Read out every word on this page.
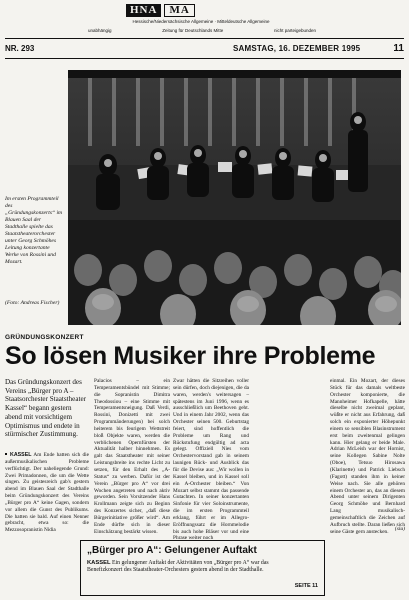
HNA	MA
Hessische/Niedersächsische Allgemeine · Mitteldeutsche Allgemeine
unabhängig	Zeitung für Deutschlands Mitte	nicht parteigebunden
NR. 293	SAMSTAG, 16. DEZEMBER 1995	11
Im ersten Programmteil des „Gründungskonzerts“ im Blauen Saal der Stadthalle spielte das Staatstheaterorchester unter Georg Schmöhes Leitung konzertante Werke von Rossini und Mozart.
(Foto: Andreas Fischer)
GRÜNDUNGSKONZERT
So lösen Musiker ihre Probleme
Das Gründungskonzert des Vereins „Bürger pro A – Staatsorchester Staatstheater Kassel“ begann gestern abend mit vorsichtigem Optimismus und endete in stürmischer Zustimmung.
KASSEL Am Ende hatten sich die außermusikalischen Probleme verflüchtigt. Der naheliegende Grund: Zwei Primadonnen, die um die Wette singen. Zu geistesreich gab's gestern abend im Blauen Saal der Stadthalle beim Gründungskonzert des Vereins „Bürger pro A“ keine Gagen, sondern vor allem die Gunst des Publikums. Die hatten sie bald. Auf einen Nenner gebracht, etwa so: die Mezzosopranistin Nidia

Palacios – ein Temperamentsbündel mit Stimme; die Sopranistin Dimitra Theodossiou – eine Stimme mit Temperamentsneigung. Daß Verdi, Rossini, Donizetti mit zwei Programmänderungen) bei solch heiterem bis feurigem Wettstreit bloß Objekte waren, werden die verblichenen Opernfürsten der Aktualität halber hinnehmen. Es galt das Staatstheater mit seiner Leistungsbreite ins rechte Licht zu setzen, für den Erhalt des „A-Status“ zu werben. Dafür ist der Verein „Bürger pro A“ vor drei Wochen angetreten und nach aktiv geworden. Sein Vorsitzender Hans Krollmann zeigte sich zu Beginn des Konzertes sicher, „daß diese Bürgerinitiative größer wird“. Am Ende dürfte sich in dieser Einschätzung bestärkt wissen.

Zwar hätten die Sitzreihen voller sein dürfen, doch diejenigen, die da waren, werden's weitersagen – spätestens im Juni 1996, wenn es ausschließlich um Beethoven geht. Und in einem Jahr 2002, wenn das Orchester seinen 500. Geburtstag feiert, sind hoffentlich die Probleme um Rang und Rückstufung endgültig ad acta gelegt. Offiziell Nies vom Orchestervorstand gab in seinem launigen Rück- und Ausblick das für die Devise aus: „Wir wollen in Kassel bleiben, und in Kassel soll ein A-Orchester bleiben.“ Von Mozart selbst stammt das passende Gutachten. In seiner konzertanten Sinfonie für vier Soloinstrumente, die im ersten Programmteil erklang, führt er im Allegro-Eröffnungssatz die Hornmelodie bis auch hohe Bläser vor und eine Phrase weiter noch

einmal. Ein Mozart, der dieses Stück für das damals weltbeste Orchester komponierte, die Mannheimer Hofkapelle, hätte dieselbe nicht zweimal geplant, wüßte er nicht aus Erfahrung, daß solch ein exponierter Höhepunkt einem so sensiblen Blasinstrument erst beim zweitenmal gelingen kann. Hier gelang er beide Male. Adrian McLeish war der Hornist, seine Kollegen Sabine Nolte (Oboe), Tetsuo Hirosawa (Klarinette) und Patrick Liebsch (Fagott) standen ihm in keiner Weise nach. Sie alle gehören einem Orchester an, das an diesem Abend unter seinem Dirigenten Georg Schmöhe und Bernhard Lang musikalisch-gemeinschaftlich die Zeichen auf Aufbruch stellte. Daran ließen sich seine Gäste gern anstecken.	(siu)
„Bürger pro A“: Gelungener Auftakt

KASSEL Ein gelungener Auftakt der Aktivitäten von „Bürger pro A“ war das Benefizkonzert des Staatstheater-Orchesters gestern abend in der Stadthalle.

SEITE 11
